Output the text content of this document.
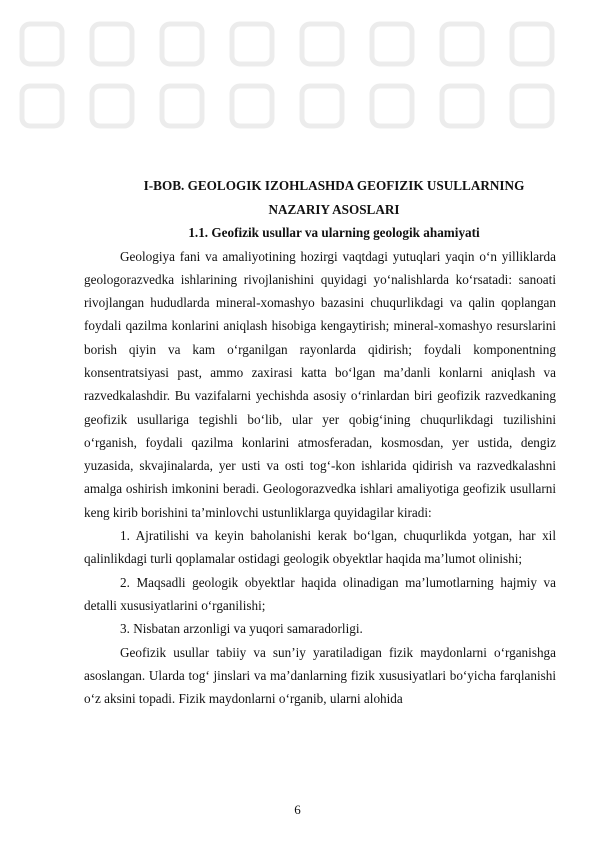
I-BOB. GEOLOGIK IZOHLASHDA GEOFIZIK USULLARNING
NAZARIY ASOSLARI
1.1. Geofizik usullar va ularning geologik ahamiyati

Geologiya fani va amaliyotining hozirgi vaqtdagi yutuqlari yaqin o‘n yilliklarda geologorazvedka ishlarining rivojlanishini quyidagi yo‘nalishlarda ko‘rsatadi: sanoati rivojlangan hududlarda mineral-xomashyo bazasini chuqurlikdagi va qalin qoplangan foydali qazilma konlarini aniqlash hisobiga kengaytirish; mineral-xomashyo resurslarini borish qiyin va kam o‘rganilgan rayonlarda qidirish; foydali komponentning konsentratsiyasi past, ammo zaxirasi katta bo‘lgan ma’danli konlarni aniqlash va razvedkalashdir. Bu vazifalarni yechishda asosiy o‘rinlardan biri geofizik razvedkaning geofizik usullariga tegishli bo‘lib, ular yer qobig‘ining chuqurlikdagi tuzilishini o‘rganish, foydali qazilma konlarini atmosferadan, kosmosdan, yer ustida, dengiz yuzasida, skvajinalarda, yer usti va osti tog‘-kon ishlarida qidirish va razvedkalashni amalga oshirish imkonini beradi. Geologorazvedka ishlari amaliyotiga geofizik usullarni keng kirib borishini ta’minlovchi ustunliklarga quyidagilar kiradi:

1. Ajratilishi va keyin baholanishi kerak bo‘lgan, chuqurlikda yotgan, har xil qalinlikdagi turli qoplamalar ostidagi geologik obyektlar haqida ma’lumot olinishi;

2. Maqsadli geologik obyektlar haqida olinadigan ma’lumotlarning hajmiy va detalli xususiyatlarini o‘rganilishi;

3. Nisbatan arzonligi va yuqori samaradorligi.

Geofizik usullar tabiiy va sun’iy yaratiladigan fizik maydonlarni o‘rganishga asoslangan. Ularda tog‘ jinslari va ma’danlarning fizik xususiyatlari bo‘yicha farqlanishi o‘z aksini topadi. Fizik maydonlarni o‘rganib, ularni alohida

6
